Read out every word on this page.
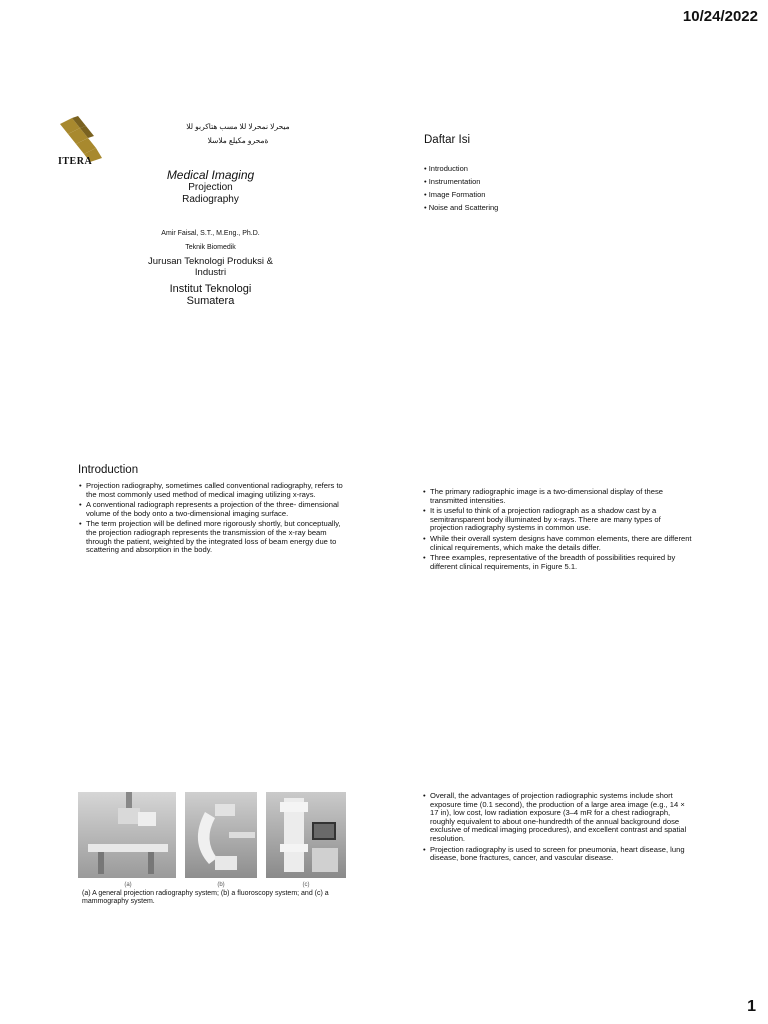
10/24/2022
ITERA
ميحرلا نمحرلا للا مسب هتاكربو للا
ةمحرو مكيلع ملاسلا
Medical Imaging
Projection
Radiography
Amir Faisal, S.T., M.Eng., Ph.D.
Teknik Biomedik
Jurusan Teknologi Produksi &
Industri
Institut Teknologi
Sumatera
Daftar Isi
• Introduction
• Instrumentation
• Image Formation
• Noise and Scattering
Introduction
• Projection radiography, sometimes called conventional radiography, refers to the most commonly used method of medical imaging utilizing x-rays.
• A conventional radiograph represents a projection of the three- dimensional volume of the body onto a two-dimensional imaging surface.
• The term projection will be defined more rigorously shortly, but conceptually, the projection radiograph represents the transmission of the x-ray beam through the patient, weighted by the integrated loss of beam energy due to scattering and absorption in the body.
• The primary radiographic image is a two-dimensional display of these transmitted intensities.
• It is useful to think of a projection radiograph as a shadow cast by a semitransparent body illuminated by x-rays. There are many types of projection radiography systems in common use.
• While their overall system designs have common elements, there are different clinical requirements, which make the details differ.
• Three examples, representative of the breadth of possibilities required by different clinical requirements, in Figure 5.1.
(a)	(b)	(c)
(a) A general projection radiography system; (b) a fluoroscopy system; and (c) a mammography system.
• Overall, the advantages of projection radiographic systems include short exposure time (0.1 second), the production of a large area image (e.g., 14 × 17 in), low cost, low radiation exposure (3–4 mR for a chest radiograph, roughly equivalent to about one-hundredth of the annual background dose exclusive of medical imaging procedures), and excellent contrast and spatial resolution.
• Projection radiography is used to screen for pneumonia, heart disease, lung disease, bone fractures, cancer, and vascular disease.
1
